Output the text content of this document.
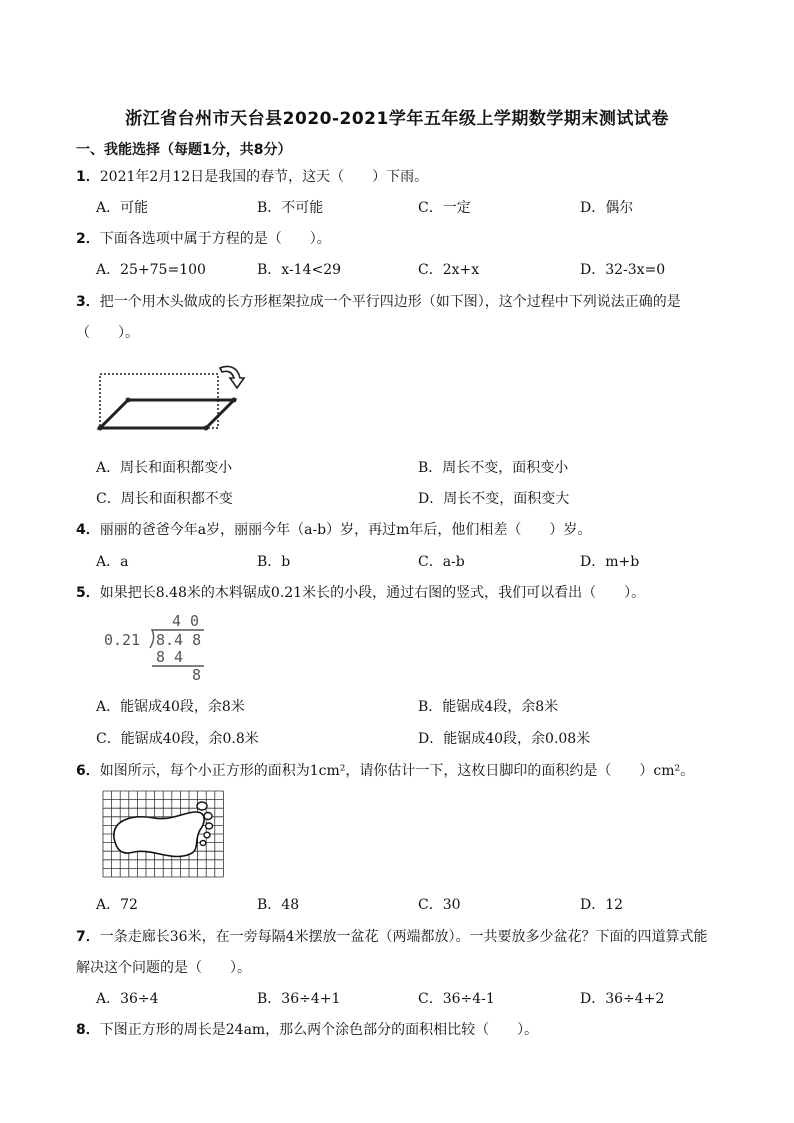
浙江省台州市天台县2020-2021学年五年级上学期数学期末测试试卷
一、我能选择（每题1分，共8分）
1．2021年2月12日是我国的春节，这天（　　）下雨。
A．可能	B．不可能	C．一定	D．偶尔
2．下面各选项中属于方程的是（　　）。
A．25+75=100	B．x-14<29	C．2x+x	D．32-3x=0
3．把一个用木头做成的长方形框架拉成一个平行四边形（如下图），这个过程中下列说法正确的是
（　　）。
A．周长和面积都变小	B．周长不变，面积变小
C．周长和面积都不变	D．周长不变，面积变大
4．丽丽的爸爸今年a岁，丽丽今年（a-b）岁，再过m年后，他们相差（　　）岁。
A．a	B．b	C．a-b	D．m+b
5．如果把长8.48米的木料锯成0.21米长的小段，通过右图的竖式，我们可以看出（　　）。
4 0
0.21 8.4 8
8 4
8
A．能锯成40段，余8米	B．能锯成4段，余8米
C．能锯成40段，余0.8米	D．能锯成40段，余0.08米
6．如图所示，每个小正方形的面积为1cm²，请你估计一下，这枚日脚印的面积约是（　　）cm²。
A．72	B．48	C．30	D．12
7．一条走廊长36米，在一旁每隔4米摆放一盆花（两端都放）。一共要放多少盆花？下面的四道算式能
解决这个问题的是（　　）。
A．36÷4	B．36÷4+1	C．36÷4-1	D．36÷4+2
8．下图正方形的周长是24am，那么两个涂色部分的面积相比较（　　）。
